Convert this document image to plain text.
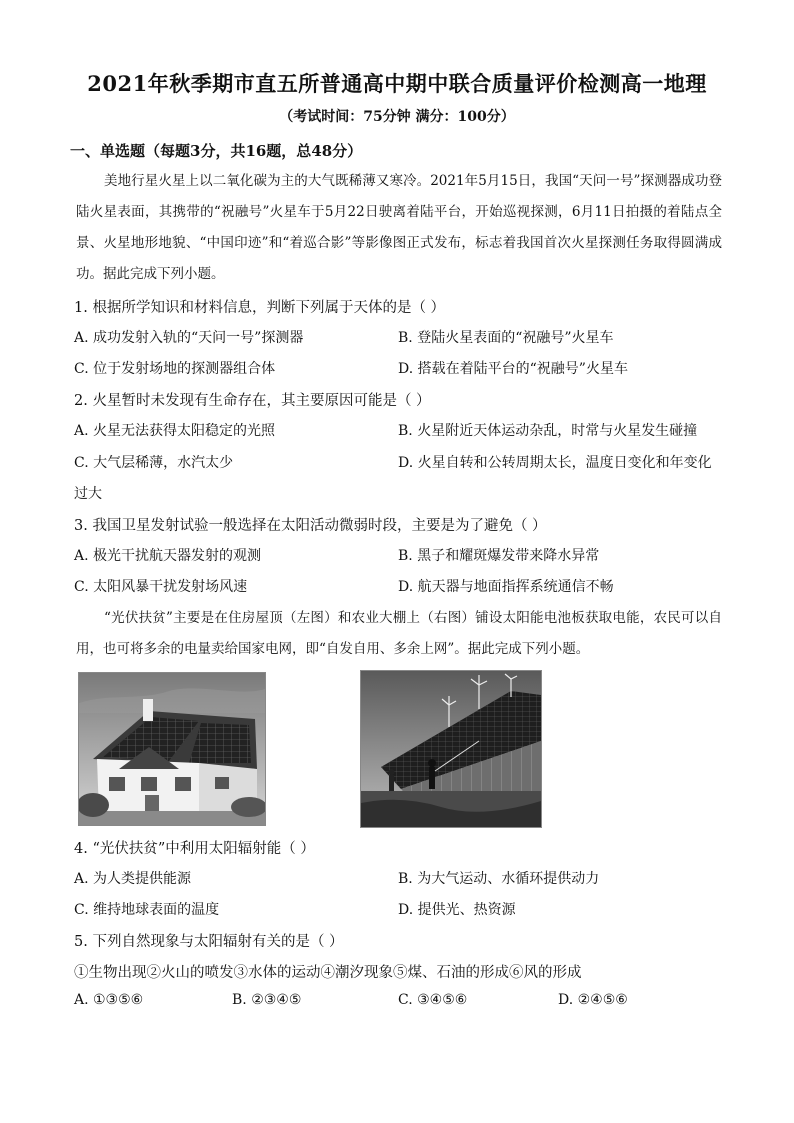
2021年秋季期市直五所普通高中期中联合质量评价检测高一地理
（考试时间：75分钟 满分：100分）
一、单选题（每题3分，共16题，总48分）
美地行星火星上以二氧化碳为主的大气既稀薄又寒冷。2021年5月15日，我国“天问一号”探测器成功登陆火星表面，其携带的“祝融号”火星车于5月22日驶离着陆平台，开始巡视探测，6月11日拍摄的着陆点全景、火星地形地貌、“中国印迹”和“着巡合影”等影像图正式发布，标志着我国首次火星探测任务取得圆满成功。据此完成下列小题。
1. 根据所学知识和材料信息，判断下列属于天体的是（ ）
A. 成功发射入轨的“天问一号”探测器	B. 登陆火星表面的“祝融号”火星车
C. 位于发射场地的探测器组合体	D. 搭载在着陆平台的“祝融号”火星车
2. 火星暂时未发现有生命存在，其主要原因可能是（ ）
A. 火星无法获得太阳稳定的光照	B. 火星附近天体运动杂乱，时常与火星发生碰撞
C. 大气层稀薄，水汽太少	D. 火星自转和公转周期太长，温度日变化和年变化
过大
3. 我国卫星发射试验一般选择在太阳活动微弱时段，主要是为了避免（ ）
A. 极光干扰航天器发射的观测	B. 黑子和耀斑爆发带来降水异常
C. 太阳风暴干扰发射场风速	D. 航天器与地面指挥系统通信不畅
“光伏扶贫”主要是在住房屋顶（左图）和农业大棚上（右图）铺设太阳能电池板获取电能，农民可以自用，也可将多余的电量卖给国家电网，即“自发自用、多余上网”。据此完成下列小题。
4. “光伏扶贫”中利用太阳辐射能（ ）
A. 为人类提供能源	B. 为大气运动、水循环提供动力
C. 维持地球表面的温度	D. 提供光、热资源
5. 下列自然现象与太阳辐射有关的是（ ）
①生物出现②火山的喷发③水体的运动④潮汐现象⑤煤、石油的形成⑥风的形成
A. ①③⑤⑥	B. ②③④⑤	C. ③④⑤⑥	D. ②④⑤⑥
